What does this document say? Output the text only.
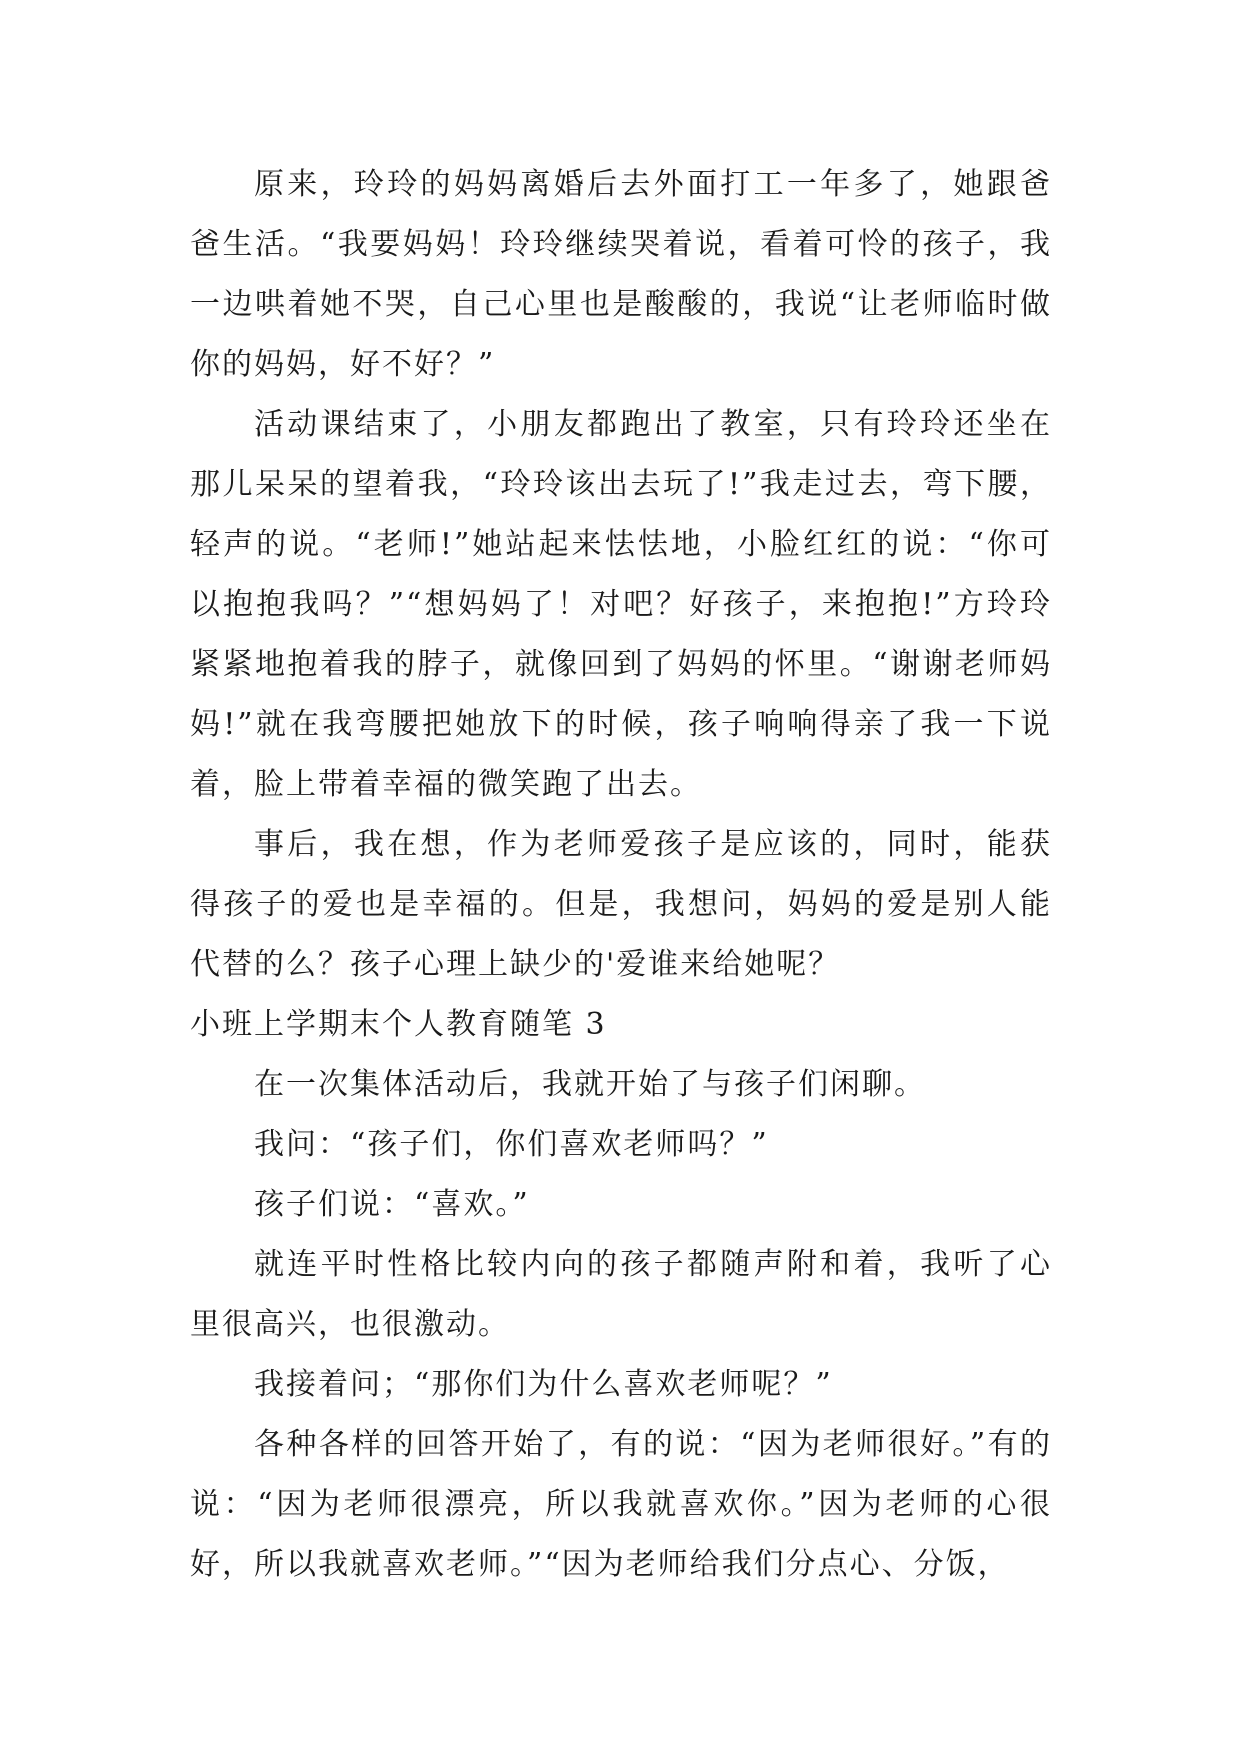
原来，玲玲的妈妈离婚后去外面打工一年多了，她跟爸爸生活。“我要妈妈！玲玲继续哭着说，看着可怜的孩子，我一边哄着她不哭，自己心里也是酸酸的，我说“让老师临时做你的妈妈，好不好？”

活动课结束了，小朋友都跑出了教室，只有玲玲还坐在那儿呆呆的望着我，“玲玲该出去玩了!”我走过去，弯下腰，轻声的说。“老师!”她站起来怯怯地，小脸红红的说：“你可以抱抱我吗？”“想妈妈了！对吧？好孩子，来抱抱!”方玲玲紧紧地抱着我的脖子，就像回到了妈妈的怀里。“谢谢老师妈妈!”就在我弯腰把她放下的时候，孩子响响得亲了我一下说着，脸上带着幸福的微笑跑了出去。

事后，我在想，作为老师爱孩子是应该的，同时，能获得孩子的爱也是幸福的。但是，我想问，妈妈的爱是别人能代替的么？孩子心理上缺少的'爱谁来给她呢？

小班上学期末个人教育随笔 3

在一次集体活动后，我就开始了与孩子们闲聊。

我问：“孩子们，你们喜欢老师吗？”

孩子们说：“喜欢。”

就连平时性格比较内向的孩子都随声附和着，我听了心里很高兴，也很激动。

我接着问；“那你们为什么喜欢老师呢？”

各种各样的回答开始了，有的说：“因为老师很好。”有的说：“因为老师很漂亮，所以我就喜欢你。”因为老师的心很好，所以我就喜欢老师。”“因为老师给我们分点心、分饭，
